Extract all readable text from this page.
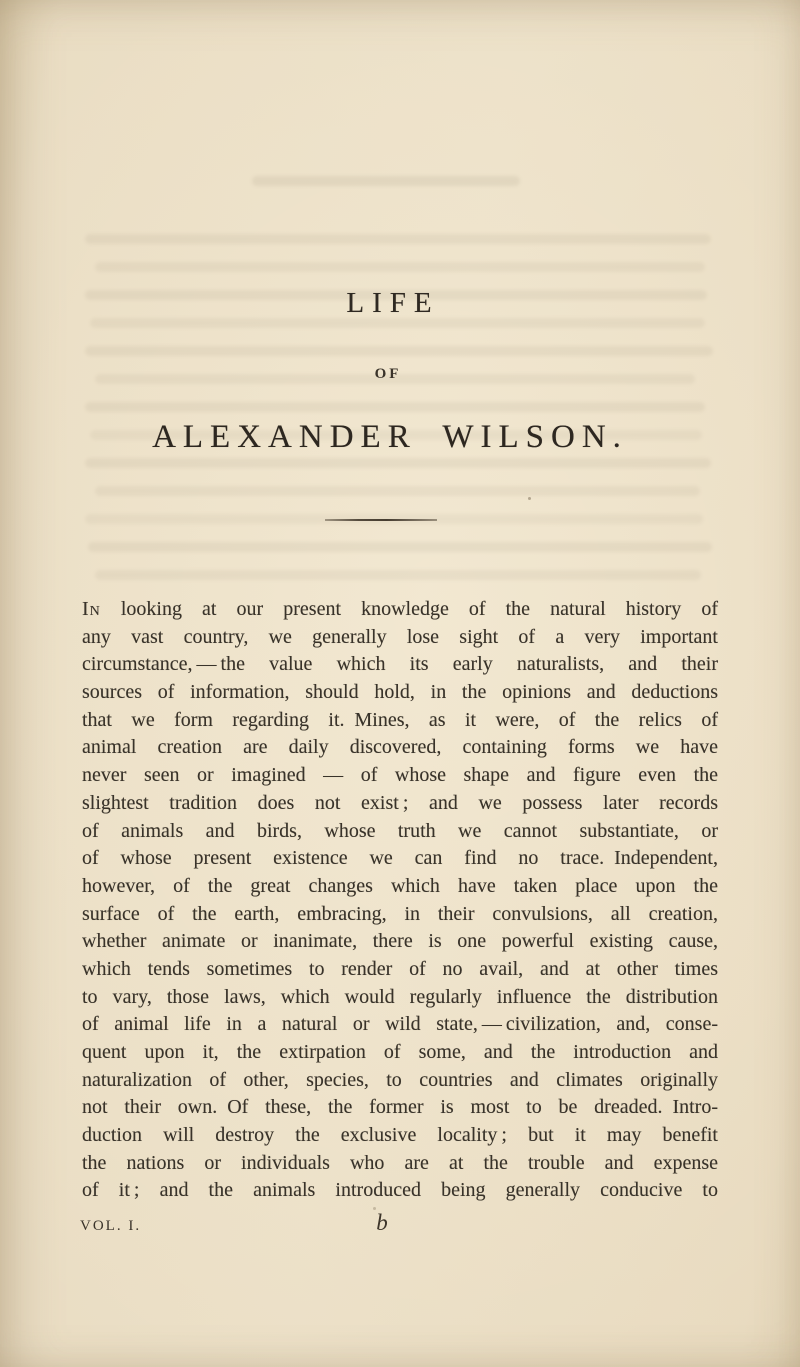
LIFE
OF
ALEXANDER WILSON.
In looking at our present knowledge of the natural history of
any vast country, we generally lose sight of a very important
circumstance, — the value which its early naturalists, and their
sources of information, should hold, in the opinions and deductions
that we form regarding it. Mines, as it were, of the relics of
animal creation are daily discovered, containing forms we have
never seen or imagined — of whose shape and figure even the
slightest tradition does not exist ; and we possess later records
of animals and birds, whose truth we cannot substantiate, or
of whose present existence we can find no trace. Independent,
however, of the great changes which have taken place upon the
surface of the earth, embracing, in their convulsions, all creation,
whether animate or inanimate, there is one powerful existing cause,
which tends sometimes to render of no avail, and at other times
to vary, those laws, which would regularly influence the distribution
of animal life in a natural or wild state, — civilization, and, conse-
quent upon it, the extirpation of some, and the introduction and
naturalization of other, species, to countries and climates originally
not their own. Of these, the former is most to be dreaded. Intro-
duction will destroy the exclusive locality ; but it may benefit
the nations or individuals who are at the trouble and expense
of it ; and the animals introduced being generally conducive to
VOL. I.	b
